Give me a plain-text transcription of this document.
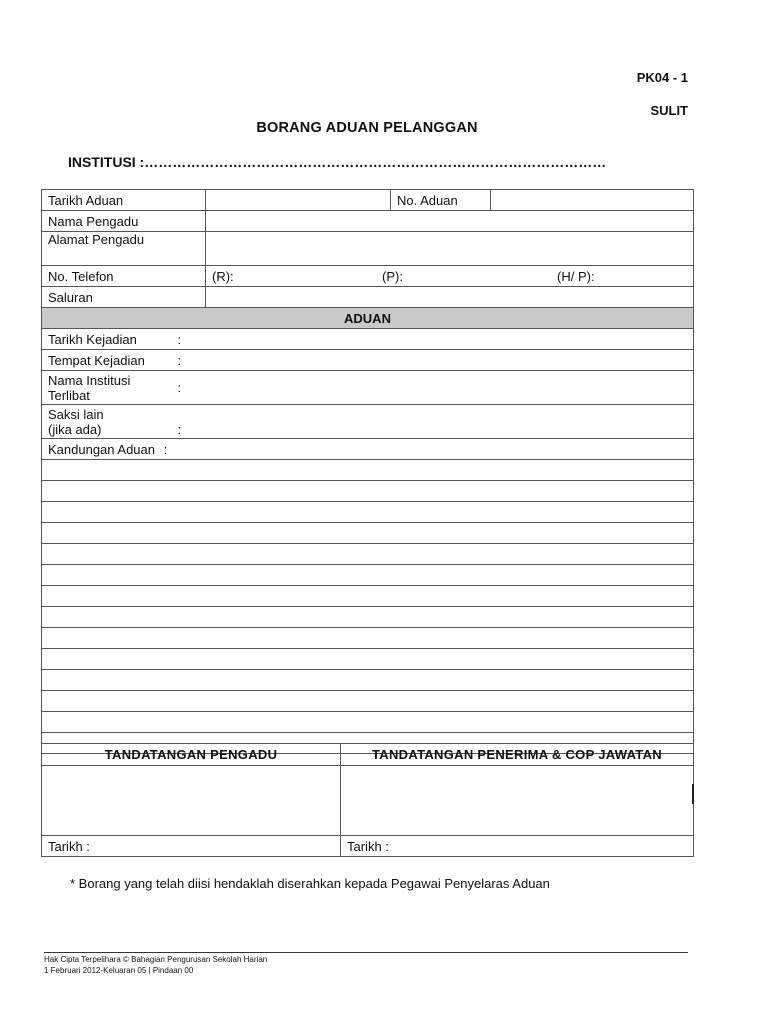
PK04 - 1
SULIT
BORANG ADUAN PELANGGAN
INSTITUSI :………………………………………………………………………………………
Tarikh Aduan				No. Aduan	
Nama Pengadu					
Alamat Pengadu					
No. Telefon			(R): (P): (H/ P):		

Saluran					
ADUAN					
Tarikh Kejadian	:				
Tempat Kejadian	:				

Nama Institusi
Terlibat	:				

Saksi lain
(jika ada)	:				
Kandungan Aduan :					

TANDATANGAN PENGADU	TANDATANGAN PENERIMA & COP JAWATAN

Tarikh :	Tarikh :
* Borang yang telah diisi hendaklah diserahkan kepada Pegawai Penyelaras Aduan
Hak Cipta Terpelihara © Bahagian Pengurusan Sekolah Harian
1 Februari 2012-Keluaran 05 | Pindaan 00
